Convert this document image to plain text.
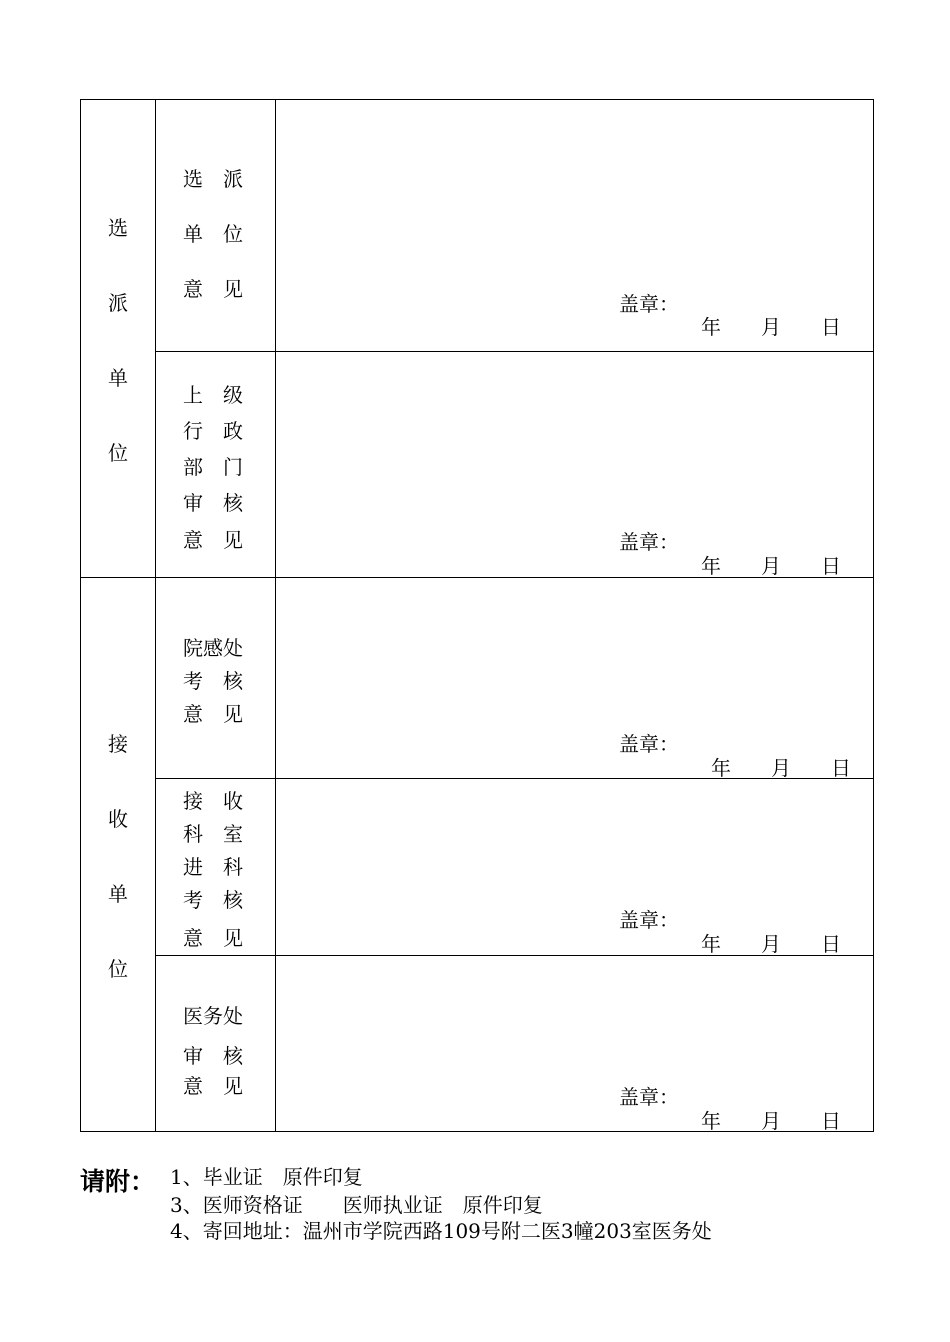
选
派
单
位
接
收
单
位
选　派
单　位
意　见
盖章：
年　　月　　日
上　级
行　政
部　门
审　核
意　见	盖章：
年　　月　　日
院感处
考　核
意　见
盖章：
年　　月　　日
接　收
科　室
进　科
考　核
意　见
盖章：
年　　月　　日
医务处
审　核
意　见	盖章：
年　　月　　日
请附： 1、毕业证　原件印复
3、医师资格证　　医师执业证　原件印复
4、寄回地址：温州市学院西路109号附二医3幢203室医务处
